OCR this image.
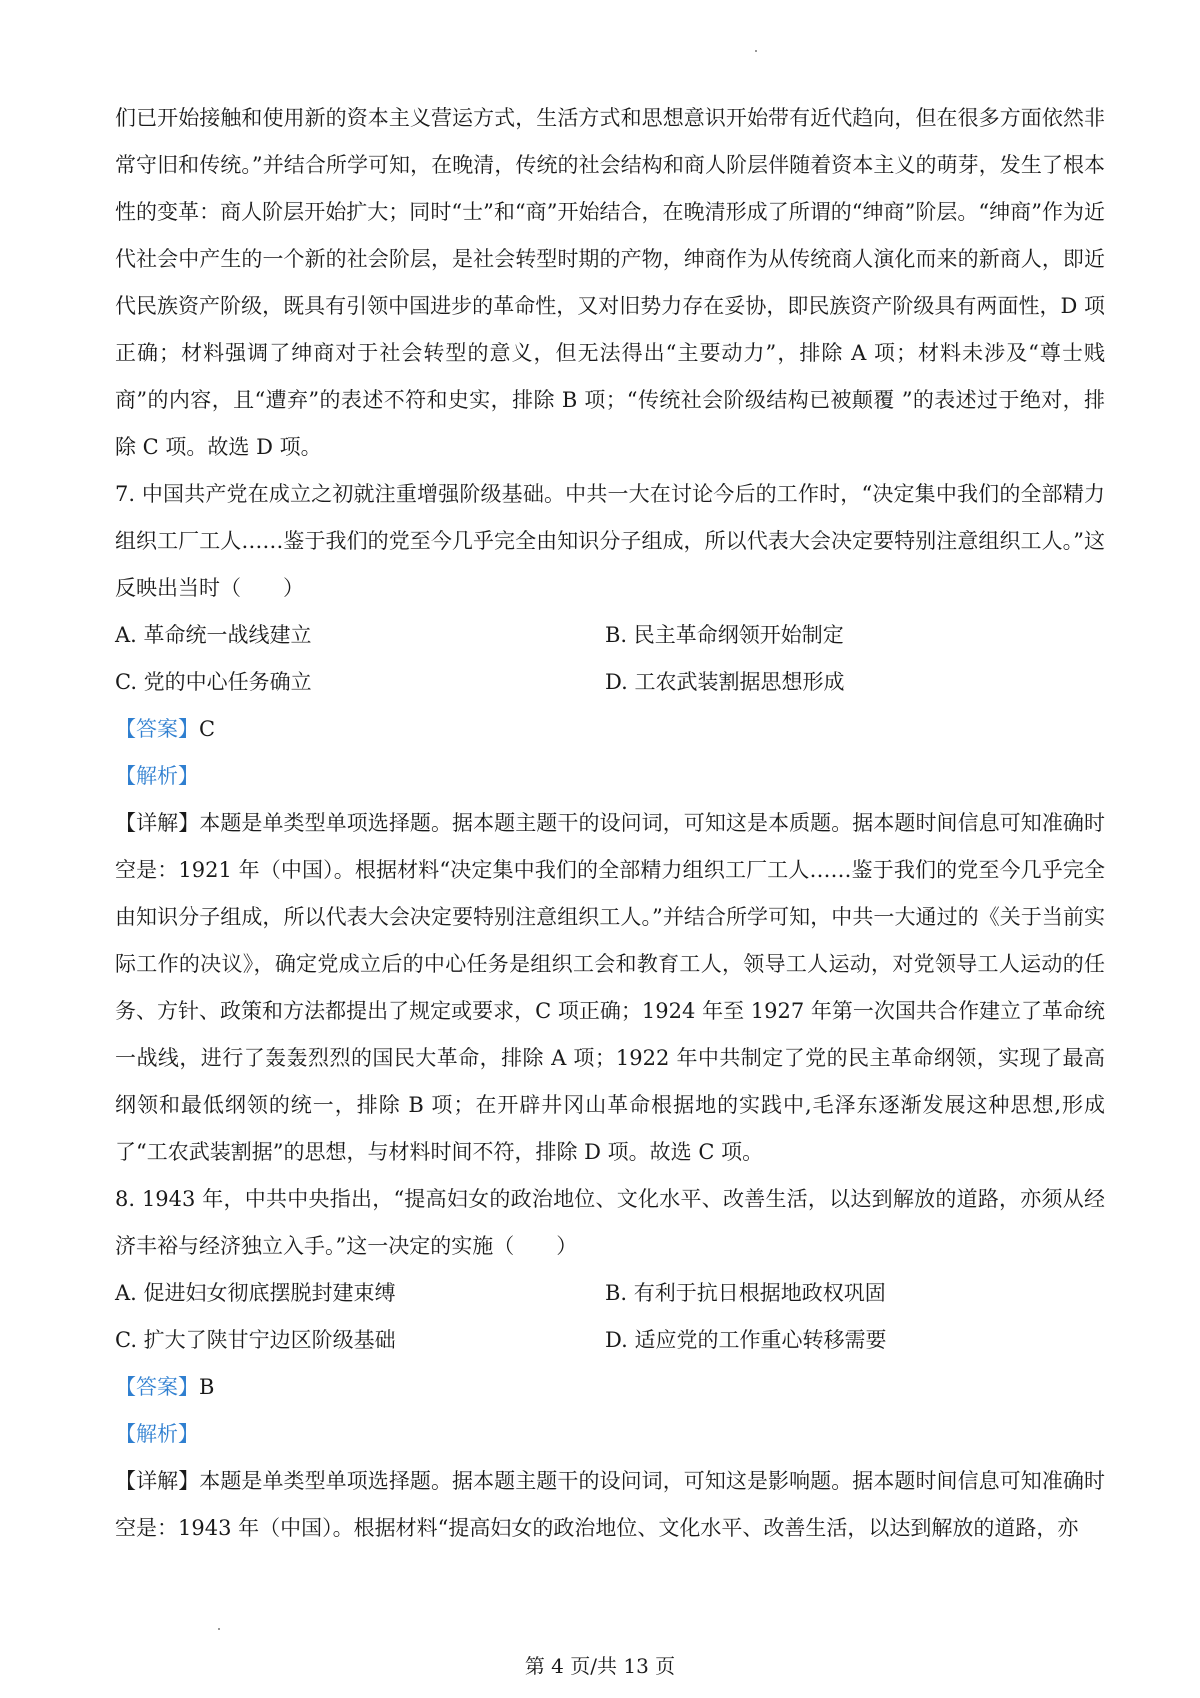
们已开始接触和使用新的资本主义营运方式，生活方式和思想意识开始带有近代趋向，但在很多方面依然非常守旧和传统。”并结合所学可知，在晚清，传统的社会结构和商人阶层伴随着资本主义的萌芽，发生了根本性的变革：商人阶层开始扩大；同时“士”和“商”开始结合，在晚清形成了所谓的“绅商”阶层。“绅商”作为近代社会中产生的一个新的社会阶层，是社会转型时期的产物，绅商作为从传统商人演化而来的新商人，即近代民族资产阶级，既具有引领中国进步的革命性，又对旧势力存在妥协，即民族资产阶级具有两面性，D 项正确；材料强调了绅商对于社会转型的意义，但无法得出“主要动力”，排除 A 项；材料未涉及“尊士贱商”的内容，且“遭弃”的表述不符和史实，排除 B 项；“传统社会阶级结构已被颠覆 ”的表述过于绝对，排除 C 项。故选 D 项。

7. 中国共产党在成立之初就注重增强阶级基础。中共一大在讨论今后的工作时，“决定集中我们的全部精力组织工厂工人……鉴于我们的党至今几乎完全由知识分子组成，所以代表大会决定要特别注意组织工人。”这反映出当时（　　）

A. 革命统一战线建立	B. 民主革命纲领开始制定
C. 党的中心任务确立	D. 工农武装割据思想形成

【答案】C

【解析】

【详解】本题是单类型单项选择题。据本题主题干的设问词，可知这是本质题。据本题时间信息可知准确时空是：1921 年（中国）。根据材料“决定集中我们的全部精力组织工厂工人……鉴于我们的党至今几乎完全由知识分子组成，所以代表大会决定要特别注意组织工人。”并结合所学可知，中共一大通过的《关于当前实际工作的决议》，确定党成立后的中心任务是组织工会和教育工人，领导工人运动，对党领导工人运动的任务、方针、政策和方法都提出了规定或要求，C 项正确；1924 年至 1927 年第一次国共合作建立了革命统一战线，进行了轰轰烈烈的国民大革命，排除 A 项；1922 年中共制定了党的民主革命纲领，实现了最高纲领和最低纲领的统一，排除 B 项；在开辟井冈山革命根据地的实践中,毛泽东逐渐发展这种思想,形成了“工农武装割据”的思想，与材料时间不符，排除 D 项。故选 C 项。

8. 1943 年，中共中央指出，“提高妇女的政治地位、文化水平、改善生活，以达到解放的道路，亦须从经济丰裕与经济独立入手。”这一决定的实施（　　）

A. 促进妇女彻底摆脱封建束缚	B. 有利于抗日根据地政权巩固
C. 扩大了陕甘宁边区阶级基础	D. 适应党的工作重心转移需要

【答案】B

【解析】

【详解】本题是单类型单项选择题。据本题主题干的设问词，可知这是影响题。据本题时间信息可知准确时空是：1943 年（中国）。根据材料“提高妇女的政治地位、文化水平、改善生活，以达到解放的道路，亦

第 4 页/共 13 页
